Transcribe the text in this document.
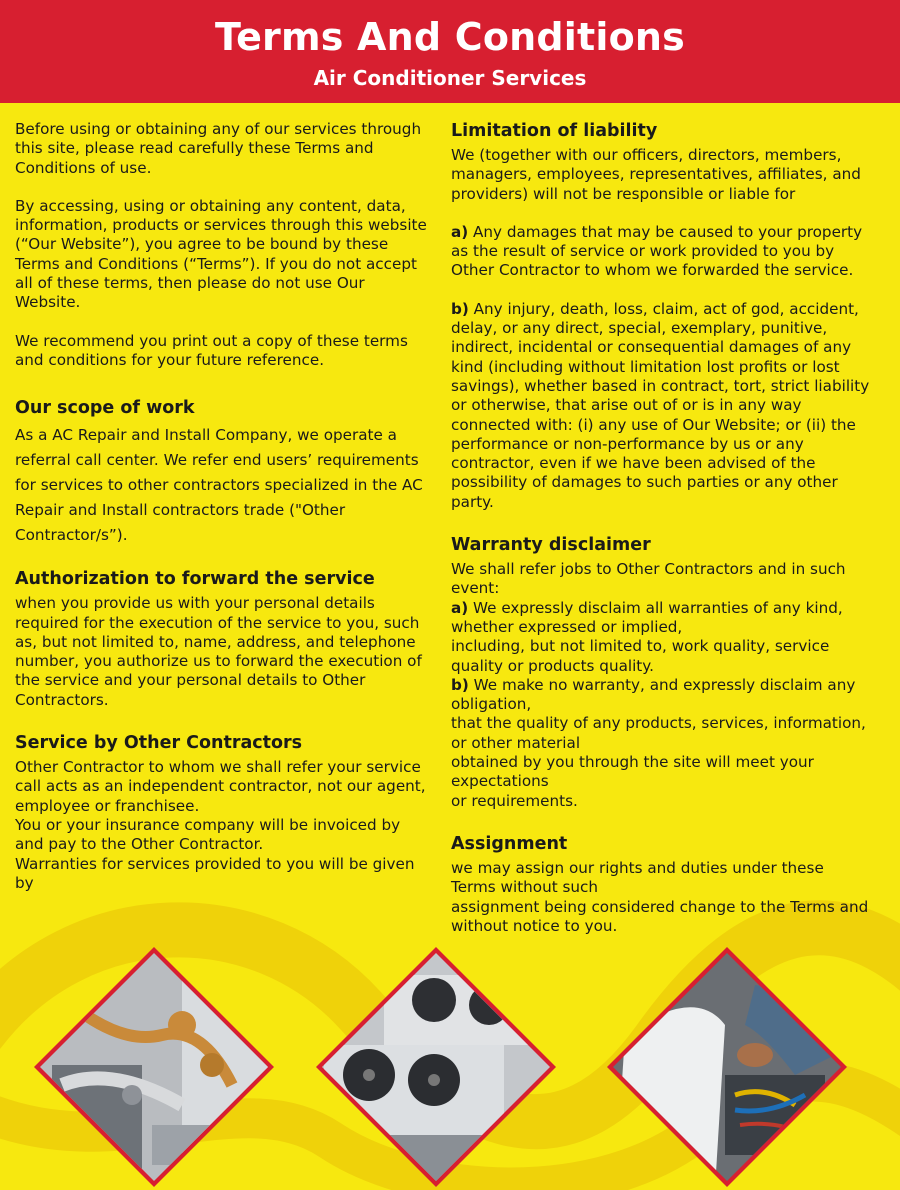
Terms And Conditions
Air Conditioner Services

Before using or obtaining any of our services through this site, please read carefully these Terms and Conditions of use.

By accessing, using or obtaining any content, data, information, products or services through this website (“Our Website”), you agree to be bound by these Terms and Conditions (“Terms”). If you do not accept all of these terms, then please do not use Our Website.

We recommend you print out a copy of these terms and conditions for your future reference.

Our scope of work

As a AC Repair and Install Company, we operate a referral call center. We refer end users’ requirements for services to other contractors specialized in the AC Repair and Install contractors trade ("Other Contractor/s”).

Authorization to forward the service

when you provide us with your personal details required for the execution of the service to you, such as, but not limited to, name, address, and telephone number, you authorize us to forward the execution of the service and your personal details to Other Contractors.

Service by Other Contractors

Other Contractor to whom we shall refer your service call acts as an independent contractor, not our agent, employee or franchisee.

You or your insurance company will be invoiced by and pay to the Other Contractor.

Warranties for services provided to you will be given by

Limitation of liability

We (together with our officers, directors, members, managers, employees, representatives, affiliates, and providers) will not be responsible or liable for

a) Any damages that may be caused to your property as the result of service or work provided to you by Other Contractor to whom we forwarded the service.

b) Any injury, death, loss, claim, act of god, accident, delay, or any direct, special, exemplary, punitive, indirect, incidental or consequential damages of any kind (including without limitation lost profits or lost savings), whether based in contract, tort, strict liability or otherwise, that arise out of or is in any way connected with: (i) any use of Our Website; or (ii) the performance or non-performance by us or any contractor, even if we have been advised of the possibility of damages to such parties or any other party.

Warranty disclaimer

We shall refer jobs to Other Contractors and in such event:

a) We expressly disclaim all warranties of any kind, whether expressed or implied,

including, but not limited to, work quality, service quality or products quality.

b) We make no warranty, and expressly disclaim any obligation,

that the quality of any products, services, information, or other material

obtained by you through the site will meet your expectations

or requirements.

Assignment

we may assign our rights and duties under these Terms without such

assignment being considered change to the Terms and without notice to you.
